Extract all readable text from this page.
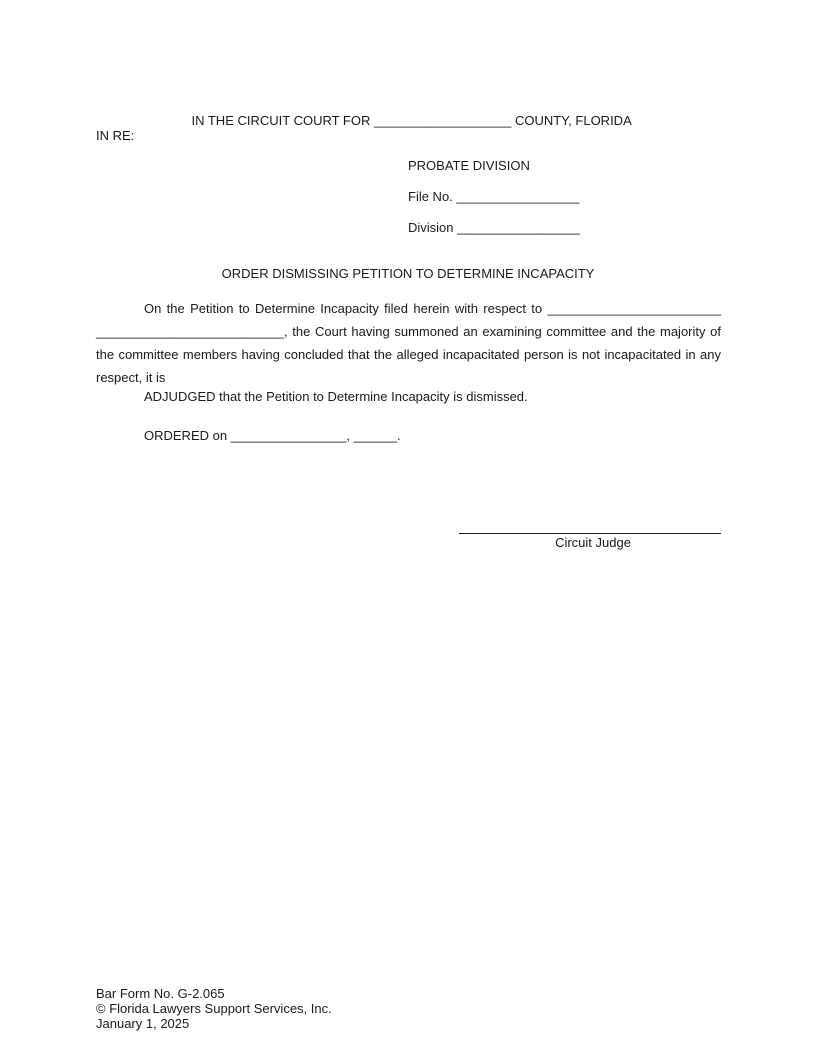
IN THE CIRCUIT COURT FOR ___________________ COUNTY, FLORIDA

IN RE:
PROBATE DIVISION
File No. _________________
Division _________________
ORDER DISMISSING PETITION TO DETERMINE INCAPACITY
On the Petition to Determine Incapacity filed herein with respect to ________________________
__________________________, the Court having summoned an examining committee and the majority of
the committee members having concluded that the alleged incapacitated person is not incapacitated in any
respect, it is
ADJUDGED that the Petition to Determine Incapacity is dismissed.
ORDERED on ________________, ______.
Circuit Judge
Bar Form No. G-2.065
© Florida Lawyers Support Services, Inc.
January 1, 2025
